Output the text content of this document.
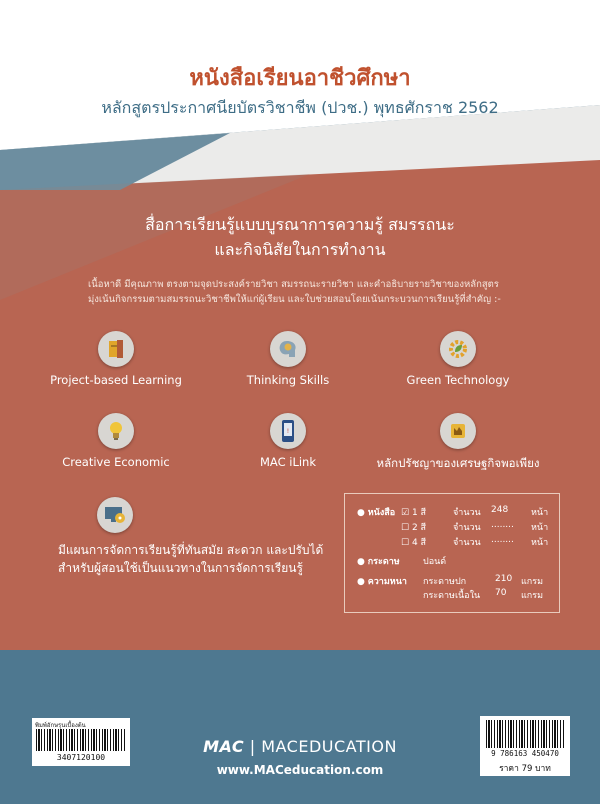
หนังสือเรียนอาชีวศึกษา
หลักสูตรประกาศนียบัตรวิชาชีพ (ปวช.) พุทธศักราช 2562
สื่อการเรียนรู้แบบบูรณาการความรู้ สมรรถนะ
และกิจนิสัยในการทำงาน
เนื้อหาดี มีคุณภาพ ตรงตามจุดประสงค์รายวิชา สมรรถนะรายวิชา และคำอธิบายรายวิชาของหลักสูตร
มุ่งเน้นกิจกรรมตามสมรรถนะวิชาชีพให้แก่ผู้เรียน และใบช่วยสอนโดยเน้นกระบวนการเรียนรู้ที่สำคัญ :-
Project-based Learning	Thinking Skills	Green Technology
Creative Economic
!
MAC iLink	หลักปรัชญาของเศรษฐกิจพอเพียง
มีแผนการจัดการเรียนรู้ที่ทันสมัย สะดวก และปรับได้
สำหรับผู้สอนใช้เป็นแนวทางในการจัดการเรียนรู้
● หนังสือ ☑ 1 สี	จำนวน 248	หน้า
☐ 2 สี	จำนวน ........ หน้า
☐ 4 สี	จำนวน ........ หน้า
● กระดาษ	ปอนด์
● ความหนา กระดาษปก	210 แกรม
กระดาษเนื้อใน 70 แกรม
พิมพ์อักษรุนเบื้องต้น
3407120100
MAC | MACEDUCATION
www.MACeducation.com
9 786163 450470
ราคา 79 บาท
